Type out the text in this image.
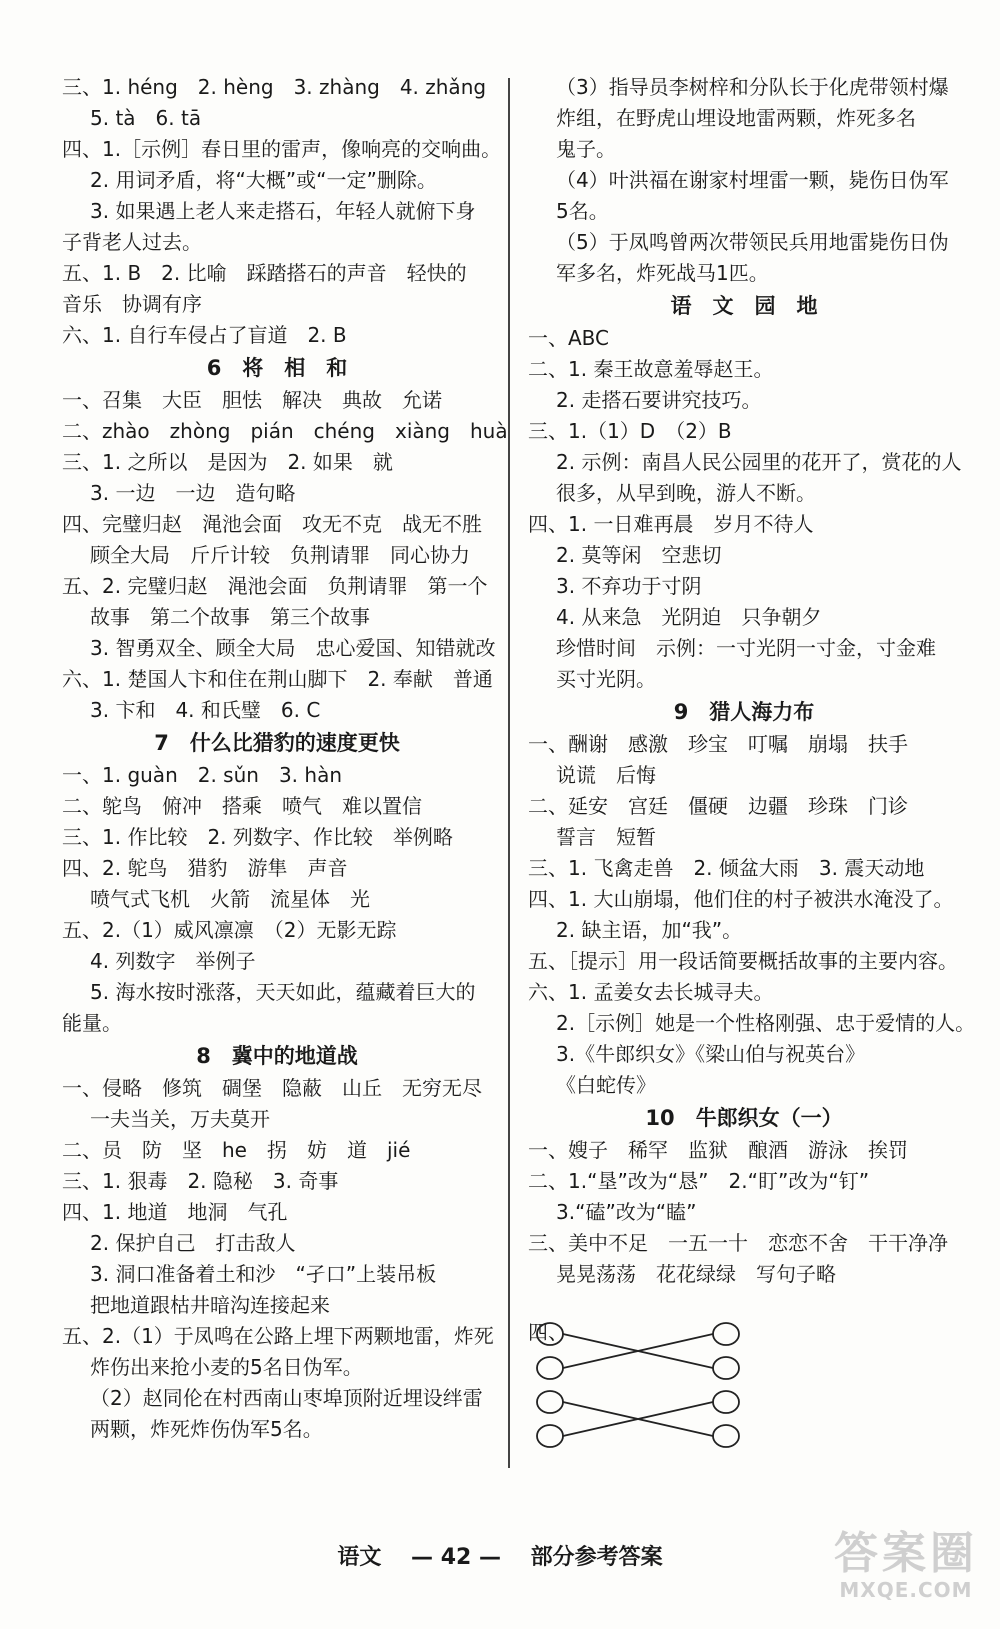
三、1. héng　2. hèng　3. zhàng　4. zhǎng
5. tà　6. tā
四、1.［示例］春日里的雷声，像响亮的交响曲。
2. 用词矛盾，将“大概”或“一定”删除。
3. 如果遇上老人来走搭石，年轻人就俯下身
子背老人过去。
五、1. B　2. 比喻　踩踏搭石的声音　轻快的
音乐　协调有序
六、1. 自行车侵占了盲道　2. B
6　将　相　和
一、召集　大臣　胆怯　解决　典故　允诺
二、zhào　zhòng　pián　chéng　xiàng　huà
三、1. 之所以　是因为　2. 如果　就
3. 一边　一边　造句略
四、完璧归赵　渑池会面　攻无不克　战无不胜
顾全大局　斤斤计较　负荆请罪　同心协力
五、2. 完璧归赵　渑池会面　负荆请罪　第一个
故事　第二个故事　第三个故事
3. 智勇双全、顾全大局　忠心爱国、知错就改
六、1. 楚国人卞和住在荆山脚下　2. 奉献　普通
3. 卞和　4. 和氏璧　6. C
7　什么比猎豹的速度更快
一、1. guàn　2. sǔn　3. hàn
二、鸵鸟　俯冲　搭乘　喷气　难以置信
三、1. 作比较　2. 列数字、作比较　举例略
四、2. 鸵鸟　猎豹　游隼　声音
喷气式飞机　火箭　流星体　光
五、2.（1）威风凛凛　（2）无影无踪
4. 列数字　举例子
5. 海水按时涨落，天天如此，蕴藏着巨大的
能量。
8　冀中的地道战
一、侵略　修筑　碉堡　隐蔽　山丘　无穷无尽
一夫当关，万夫莫开
二、员　防　坚　he　拐　妨　道　jié
三、1. 狠毒　2. 隐秘　3. 奇事
四、1. 地道　地洞　气孔
2. 保护自己　打击敌人
3. 洞口准备着土和沙　“孑口”上装吊板
把地道跟枯井暗沟连接起来
五、2.（1）于凤鸣在公路上埋下两颗地雷，炸死
炸伤出来抢小麦的5名日伪军。
（2）赵同伦在村西南山枣埠顶附近埋设绊雷
两颗，炸死炸伤伪军5名。
（3）指导员李树梓和分队长于化虎带领村爆
炸组，在野虎山埋设地雷两颗，炸死多名
鬼子。
（4）叶洪福在谢家村埋雷一颗，毙伤日伪军
5名。
（5）于凤鸣曾两次带领民兵用地雷毙伤日伪
军多名，炸死战马1匹。
语　文　园　地
一、ABC
二、1. 秦王故意羞辱赵王。
2. 走搭石要讲究技巧。
三、1.（1）D　（2）B
2. 示例：南昌人民公园里的花开了，赏花的人
很多，从早到晚，游人不断。
四、1. 一日难再晨　岁月不待人
2. 莫等闲　空悲切
3. 不弃功于寸阴
4. 从来急　光阴迫　只争朝夕
珍惜时间　示例：一寸光阴一寸金，寸金难
买寸光阴。
9　猎人海力布
一、酬谢　感激　珍宝　叮嘱　崩塌　扶手
说谎　后悔
二、延安　宫廷　僵硬　边疆　珍珠　门诊
誓言　短暂
三、1. 飞禽走兽　2. 倾盆大雨　3. 震天动地
四、1. 大山崩塌，他们住的村子被洪水淹没了。
2. 缺主语，加“我”。
五、［提示］用一段话简要概括故事的主要内容。
六、1. 孟姜女去长城寻夫。
2.［示例］她是一个性格刚强、忠于爱情的人。
3.《牛郎织女》《梁山伯与祝英台》
《白蛇传》
10　牛郎织女（一）
一、嫂子　稀罕　监狱　酿酒　游泳　挨罚
二、1.“垦”改为“恳”　2.“盯”改为“钉”
3.“磕”改为“瞌”
三、美中不足　一五一十　恋恋不舍　干干净净
晃晃荡荡　花花绿绿　写句子略
四、
语文 — 42 — 部分参考答案	答案圈
MXQE.COM
